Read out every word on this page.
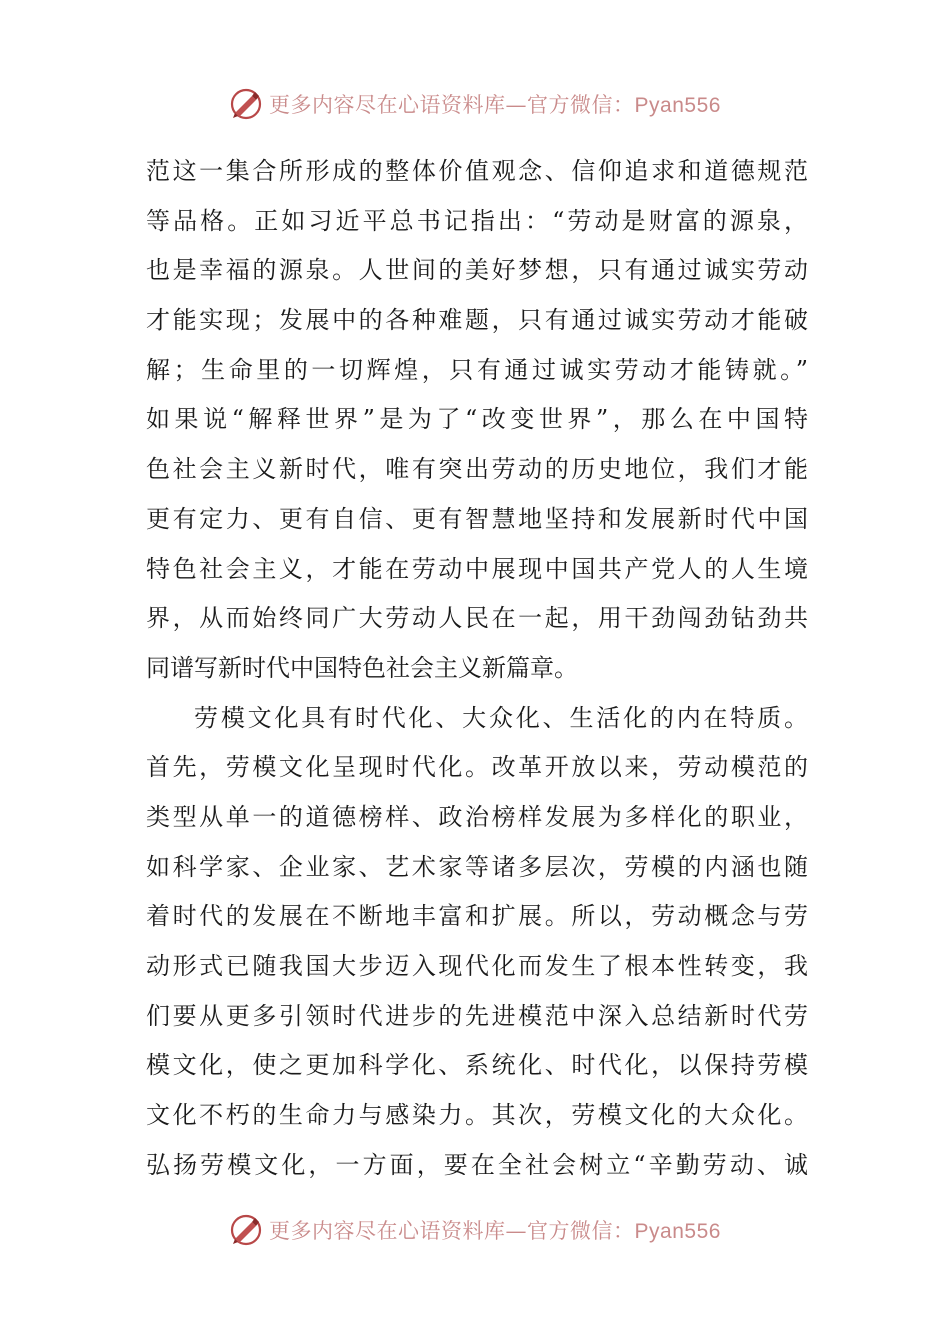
更多内容尽在心语资料库—官方微信：Pyan556
范这一集合所形成的整体价值观念、信仰追求和道德规范
等品格。正如习近平总书记指出：“劳动是财富的源泉，
也是幸福的源泉。人世间的美好梦想，只有通过诚实劳动
才能实现；发展中的各种难题，只有通过诚实劳动才能破
解；生命里的一切辉煌，只有通过诚实劳动才能铸就。”
如果说“解释世界”是为了“改变世界”，那么在中国特
色社会主义新时代，唯有突出劳动的历史地位，我们才能
更有定力、更有自信、更有智慧地坚持和发展新时代中国
特色社会主义，才能在劳动中展现中国共产党人的人生境
界，从而始终同广大劳动人民在一起，用干劲闯劲钻劲共
同谱写新时代中国特色社会主义新篇章。
劳模文化具有时代化、大众化、生活化的内在特质。
首先，劳模文化呈现时代化。改革开放以来，劳动模范的
类型从单一的道德榜样、政治榜样发展为多样化的职业，
如科学家、企业家、艺术家等诸多层次，劳模的内涵也随
着时代的发展在不断地丰富和扩展。所以，劳动概念与劳
动形式已随我国大步迈入现代化而发生了根本性转变，我
们要从更多引领时代进步的先进模范中深入总结新时代劳
模文化，使之更加科学化、系统化、时代化，以保持劳模
文化不朽的生命力与感染力。其次，劳模文化的大众化。
弘扬劳模文化，一方面，要在全社会树立“辛勤劳动、诚
更多内容尽在心语资料库—官方微信：Pyan556
